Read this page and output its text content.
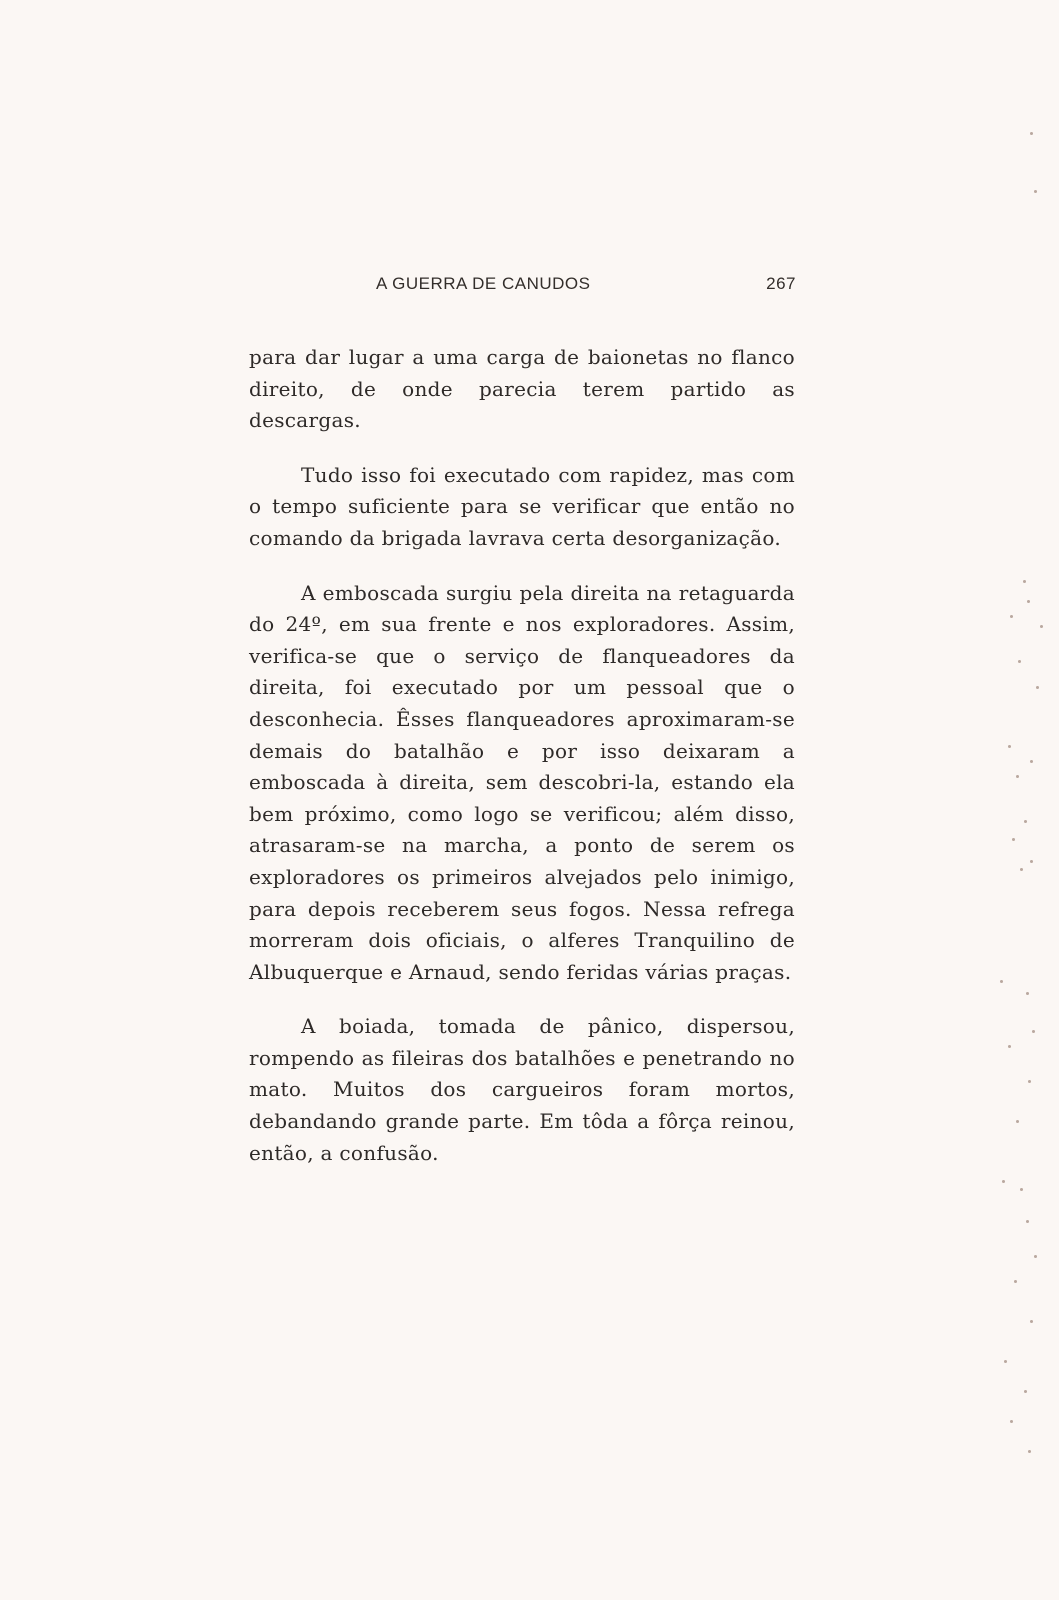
A GUERRA DE CANUDOS	267

para dar lugar a uma carga de baionetas no flanco direito, de onde parecia terem partido as descargas.

Tudo isso foi executado com rapidez, mas com o tempo suficiente para se verificar que então no comando da brigada lavrava certa desorganização.

A emboscada surgiu pela direita na retaguarda do 24º, em sua frente e nos exploradores. Assim, verifica-se que o serviço de flanqueadores da direita, foi executado por um pessoal que o desconhecia. Êsses flanqueadores aproximaram-se demais do batalhão e por isso deixaram a emboscada à direita, sem descobri-la, estando ela bem próximo, como logo se verificou; além disso, atrasaram-se na marcha, a ponto de serem os exploradores os primeiros alvejados pelo inimigo, para depois receberem seus fogos. Nessa refrega morreram dois oficiais, o alferes Tranquilino de Albuquerque e Arnaud, sendo feridas várias praças.

A boiada, tomada de pânico, dispersou, rompendo as fileiras dos batalhões e penetrando no mato. Muitos dos cargueiros foram mortos, debandando grande parte. Em tôda a fôrça reinou, então, a confusão.
